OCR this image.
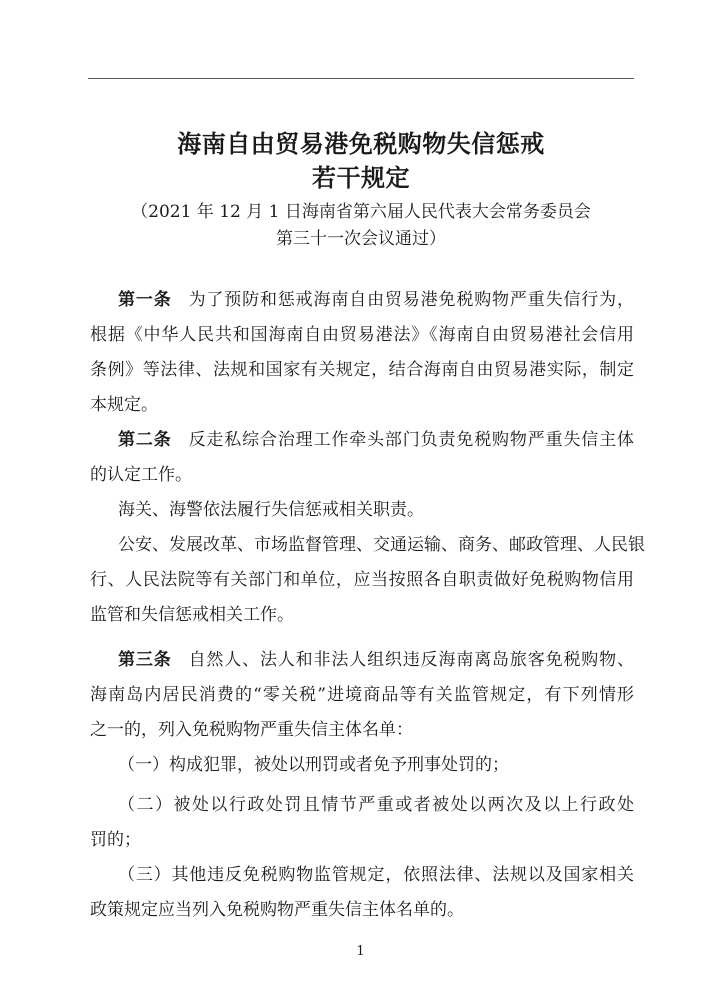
海南自由贸易港免税购物失信惩戒
若干规定
（2021 年 12 月 1 日海南省第六届人民代表大会常务委员会
第三十一次会议通过）
第一条 为了预防和惩戒海南自由贸易港免税购物严重失信行为，
根据《中华人民共和国海南自由贸易港法》《海南自由贸易港社会信用
条例》等法律、法规和国家有关规定，结合海南自由贸易港实际，制定
本规定。
第二条 反走私综合治理工作牵头部门负责免税购物严重失信主体
的认定工作。
海关、海警依法履行失信惩戒相关职责。
公安、发展改革、市场监督管理、交通运输、商务、邮政管理、人民银
行、人民法院等有关部门和单位，应当按照各自职责做好免税购物信用
监管和失信惩戒相关工作。
第三条 自然人、法人和非法人组织违反海南离岛旅客免税购物、
海南岛内居民消费的“零关税”进境商品等有关监管规定，有下列情形
之一的，列入免税购物严重失信主体名单：
（一）构成犯罪，被处以刑罚或者免予刑事处罚的；
（二）被处以行政处罚且情节严重或者被处以两次及以上行政处
罚的；
（三）其他违反免税购物监管规定，依照法律、法规以及国家相关
政策规定应当列入免税购物严重失信主体名单的。
1
